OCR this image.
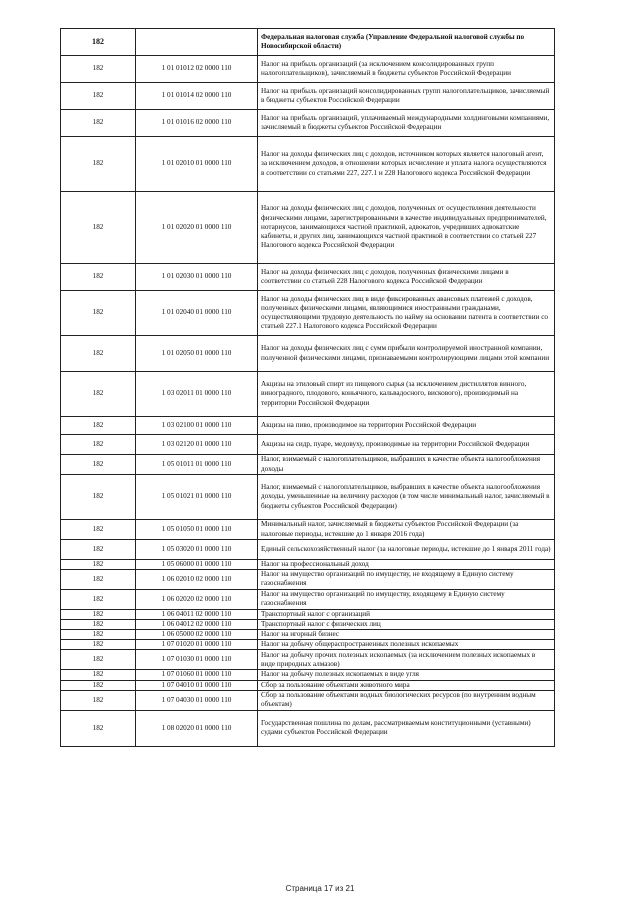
182		Федеральная налоговая служба (Управление Федеральной налоговой службы по Новосибирской области)
182	1 01 01012 02 0000 110	Налог на прибыль организаций (за исключением консолидированных групп налогоплательщиков), зачисляемый в бюджеты субъектов Российской Федерации
182	1 01 01014 02 0000 110	Налог на прибыль организаций консолидированных групп налогоплательщиков, зачисляемый в бюджеты субъектов Российской Федерации
182	1 01 01016 02 0000 110	Налог на прибыль организаций, уплачиваемый международными холдинговыми компаниями, зачисляемый в бюджеты субъектов Российской Федерации
182	1 01 02010 01 0000 110	Налог на доходы физических лиц с доходов, источником которых является налоговый агент, за исключением доходов, в отношении которых исчисление и уплата налога осуществляются в соответствии со статьями 227, 227.1 и 228 Налогового кодекса Российской Федерации
182	1 01 02020 01 0000 110	Налог на доходы физических лиц с доходов, полученных от осуществления деятельности физическими лицами, зарегистрированными в качестве индивидуальных предпринимателей, нотариусов, занимающихся частной практикой, адвокатов, учредивших адвокатские кабинеты, и других лиц, занимающихся частной практикой в соответствии со статьей 227 Налогового кодекса Российской Федерации
182	1 01 02030 01 0000 110	Налог на доходы физических лиц с доходов, полученных физическими лицами в соответствии со статьей 228 Налогового кодекса Российской Федерации
182	1 01 02040 01 0000 110	Налог на доходы физических лиц в виде фиксированных авансовых платежей с доходов, полученных физическими лицами, являющимися иностранными гражданами, осуществляющими трудовую деятельность по найму на основании патента в соответствии со статьей 227.1 Налогового кодекса Российской Федерации
182	1 01 02050 01 0000 110	Налог на доходы физических лиц с сумм прибыли контролируемой иностранной компании, полученной физическими лицами, признаваемыми контролирующими лицами этой компании
182	1 03 02011 01 0000 110	Акцизы на этиловый спирт из пищевого сырья (за исключением дистиллятов винного, виноградного, плодового, коньячного, кальвадосного, вискового), производимый на территории Российской Федерации
182	1 03 02100 01 0000 110	Акцизы на пиво, производимое на территории Российской Федерации
182	1 03 02120 01 0000 110	Акцизы на сидр, пуаре, медовуху, производимые на территории Российской Федерации
182	1 05 01011 01 0000 110	Налог, взимаемый с налогоплательщиков, выбравших в качестве объекта налогообложения доходы
182	1 05 01021 01 0000 110	Налог, взимаемый с налогоплательщиков, выбравших в качестве объекта налогообложения доходы, уменьшенные на величину расходов (в том числе минимальный налог, зачисляемый в бюджеты субъектов Российской Федерации)
182	1 05 01050 01 0000 110	Минимальный налог, зачисляемый в бюджеты субъектов Российской Федерации (за налоговые периоды, истекшие до 1 января 2016 года)
182	1 05 03020 01 0000 110	Единый сельскохозяйственный налог (за налоговые периоды, истекшие до 1 января 2011 года)
182	1 05 06000 01 0000 110	Налог на профессиональный доход
182	1 06 02010 02 0000 110	Налог на имущество организаций по имуществу, не входящему в Единую систему газоснабжения
182	1 06 02020 02 0000 110	Налог на имущество организаций по имуществу, входящему в Единую систему газоснабжения
182	1 06 04011 02 0000 110	Транспортный налог с организаций
182	1 06 04012 02 0000 110	Транспортный налог с физических лиц
182	1 06 05000 02 0000 110	Налог на игорный бизнес
182	1 07 01020 01 0000 110	Налог на добычу общераспространенных полезных ископаемых
182	1 07 01030 01 0000 110	Налог на добычу прочих полезных ископаемых (за исключением полезных ископаемых в виде природных алмазов)
182	1 07 01060 01 0000 110	Налог на добычу полезных ископаемых в виде угля
182	1 07 04010 01 0000 110	Сбор за пользование объектами животного мира
182	1 07 04030 01 0000 110	Сбор за пользование объектами водных биологических ресурсов (по внутренним водным объектам)
182	1 08 02020 01 0000 110	Государственная пошлина по делам, рассматриваемым конституционными (уставными) судами субъектов Российской Федерации
Страница 17 из 21
